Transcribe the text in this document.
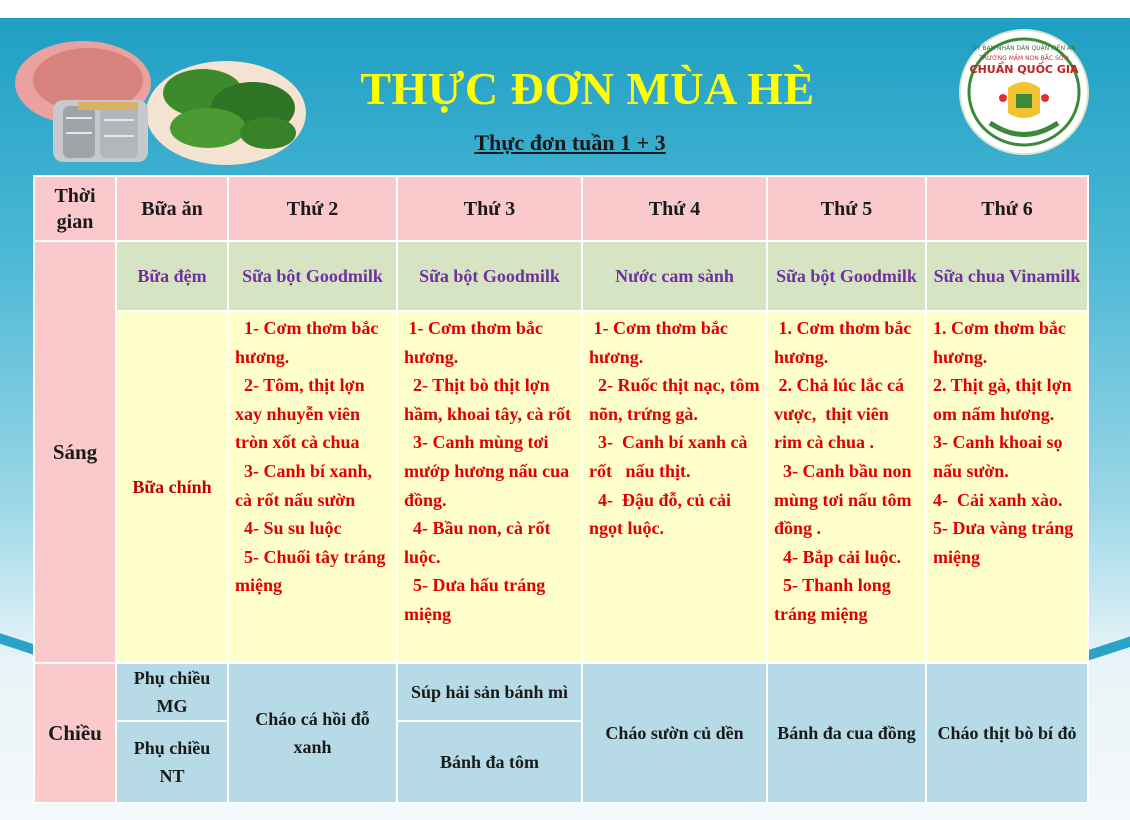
ỦY BAN NHÂN DÂN QUẬN KIẾN AN
TRƯỜNG MẦM NON BẮC SƠN
CHUẨN QUỐC GIA
THỰC ĐƠN MÙA HÈ
Thực đơn tuần 1 + 3
Thời gian	Bữa ăn	Thứ 2	Thứ 3	Thứ 4	Thứ 5	Thứ 6
Sáng	Bữa đệm	Sữa bột Goodmilk	Sữa bột Goodmilk	Nước cam sành	Sữa bột Goodmilk	Sữa chua Vinamilk
	Bữa chính	1- Cơm thơm bắc hương.
2- Tôm, thịt lợn xay nhuyễn viên tròn xốt cà chua
3- Canh bí xanh, cà rốt nấu sườn
4- Su su luộc
5- Chuối tây tráng miệng	1- Cơm thơm bắc hương.
2- Thịt bò thịt lợn hầm, khoai tây, cà rốt
3- Canh mùng tơi mướp hương nấu cua đồng.
4- Bầu non, cà rốt luộc.
5- Dưa hấu tráng miệng	1- Cơm thơm bắc hương.
2- Ruốc thịt nạc, tôm nõn, trứng gà.
3-  Canh bí xanh cà rốt   nấu thịt.
4-  Đậu đỗ, củ cải ngọt luộc.	1. Cơm thơm bắc hương.
2. Chả lúc lắc cá vược,  thịt viên rim cà chua .
3- Canh bầu non mùng tơi nấu tôm đồng .
4- Bắp cải luộc.
5- Thanh long tráng miệng	1. Cơm thơm bắc hương.
2. Thịt gà, thịt lợn om nấm hương.
3- Canh khoai sọ nấu sườn.
4-  Cải xanh xào.
5- Dưa vàng tráng miệng

Chiều	Phụ chiều MG	Cháo cá hồi đỗ xanh	Súp hải sản bánh mì	Cháo sườn củ dền	Bánh đa cua đồng	Cháo thịt bò bí đỏ
	Phụ chiều NT		Bánh đa tôm			
